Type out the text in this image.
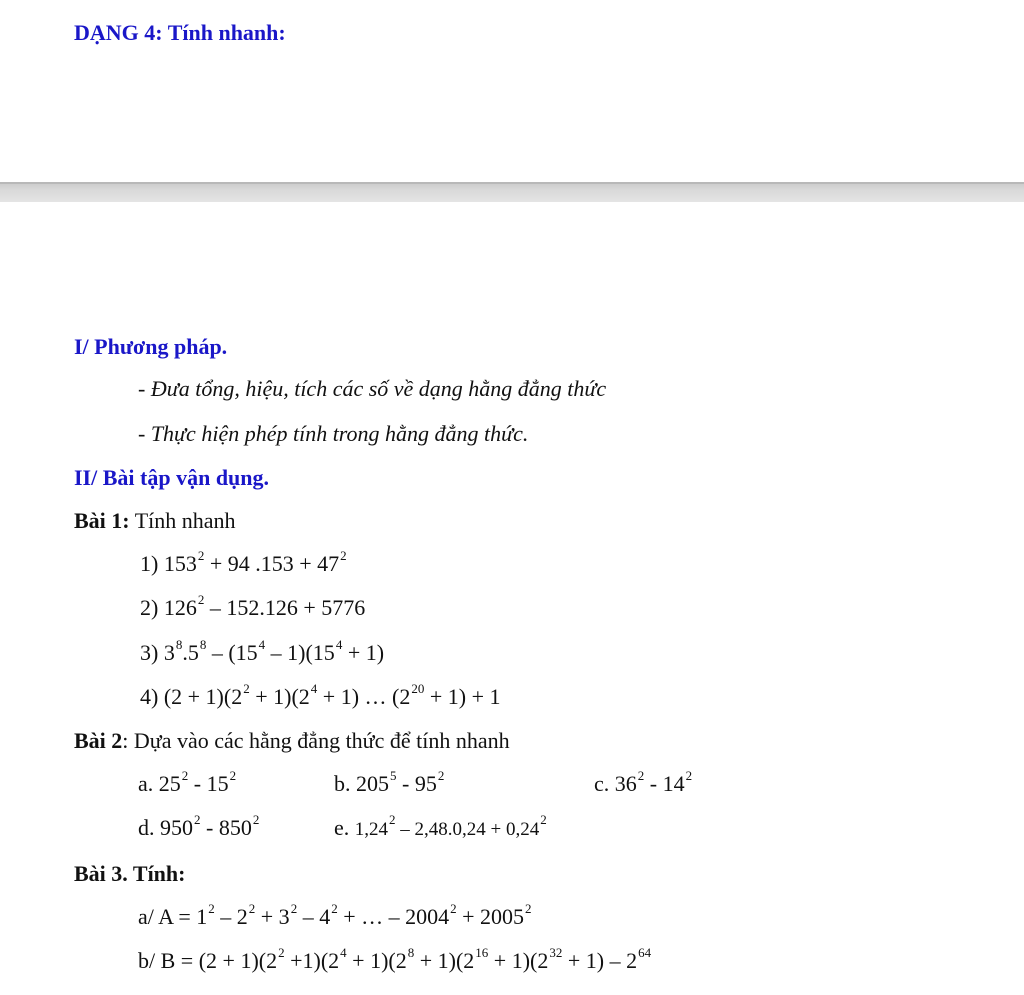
DẠNG 4: Tính nhanh:
I/ Phương pháp.
- Đưa tổng, hiệu, tích các số về dạng hằng đẳng thức
- Thực hiện phép tính trong hằng đẳng thức.
II/ Bài tập vận dụng.
Bài 1: Tính nhanh
1) $153^2 + 94$ $.153 + 47^2$
2) $126^2 - 152.126 + 5776$
3) $3^8.5^8 - (15^4 - 1)(15^4 + 1)$
4) $(2 + 1)(2^2 + 1)(2^4 + 1)$ … $(2^{20} + 1) + 1$
Bài 2: Dựa vào các hằng đẳng thức để tính nhanh
a. $25^2 - 15^2$	b. $205^5 - 95^2$	c. $36^2 - 14^2$
d. $950^2 - 850^2$	e. $1,24^2 - 2,48.0,24 + 0,24^2$
Bài 3. Tính:
a/ $A = 1^2 - 2^2 + 3^2 - 4^2$ + … – $2004^2 + 2005^2$
b/ $B = (2 + 1)(2^2 +1)(2^4 + 1)(2^8 + 1)(2^{16} + 1)(2^{32} + 1) - 2^{64}$
